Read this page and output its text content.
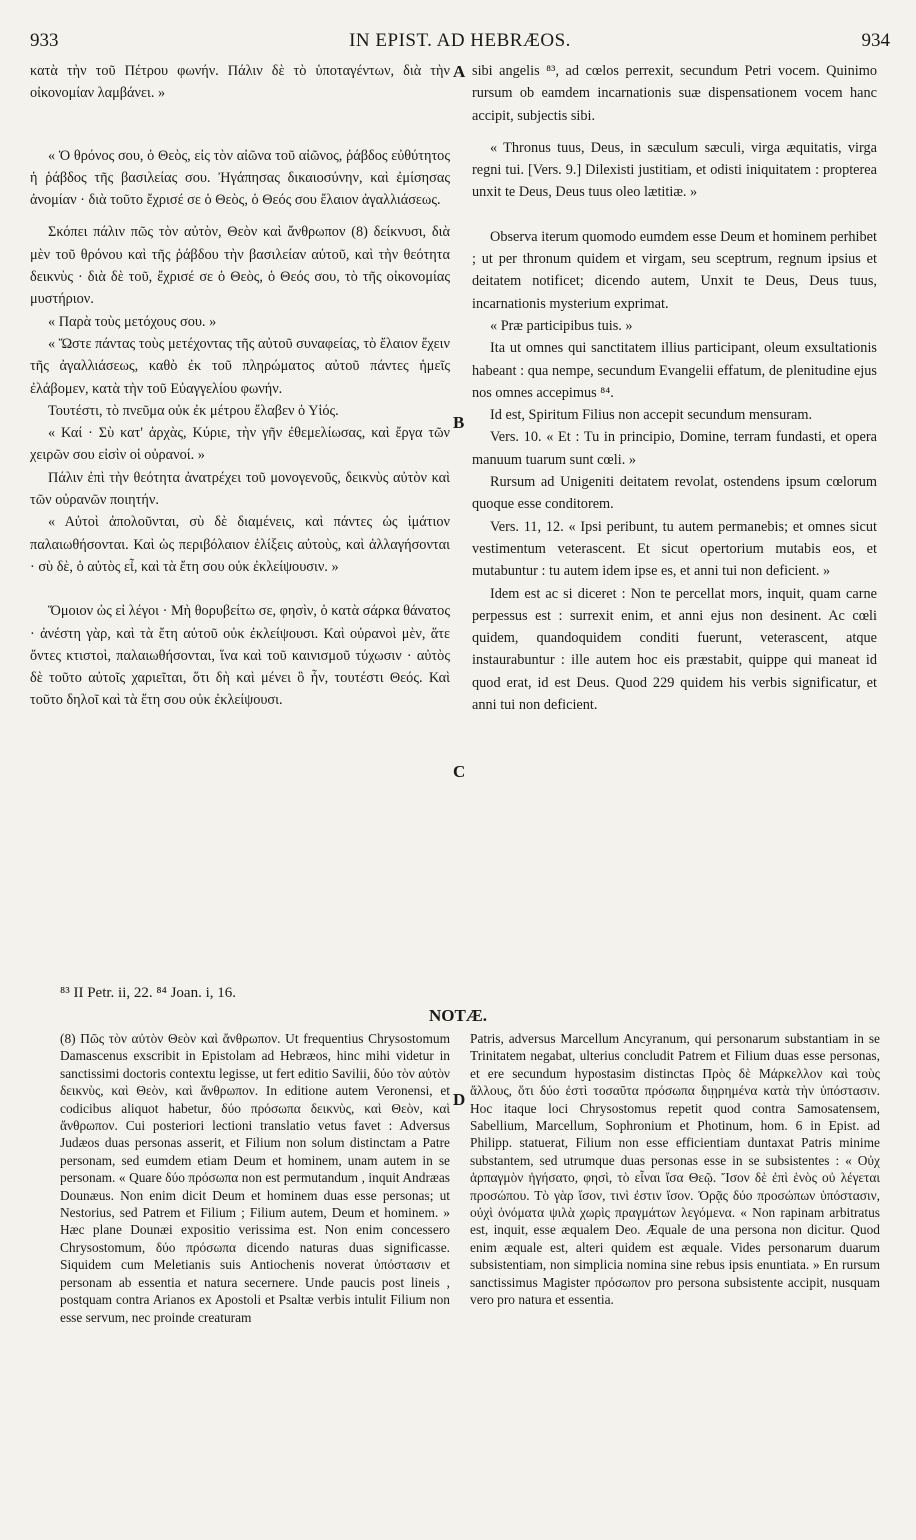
933	IN EPIST. AD HEBRÆOS.	934
A
B
C
D

κατὰ τὴν τοῦ Πέτρου φωνήν. Πάλιν δὲ τὸ ὑποταγέντων, διὰ τὴν οἰκονομίαν λαμβάνει. »

« Ὁ θρόνος σου, ὁ Θεὸς, εἰς τὸν αἰῶνα τοῦ αἰῶνος, ῥάβδος εὐθύτητος ἡ ῥάβδος τῆς βασιλείας σου. Ἠγάπησας δικαιοσύνην, καὶ ἐμίσησας ἀνομίαν · διὰ τοῦτο ἔχρισέ σε ὁ Θεὸς, ὁ Θεός σου ἔλαιον ἀγαλλιάσεως.

Σκόπει πάλιν πῶς τὸν αὐτὸν, Θεὸν καὶ ἄνθρωπον (8) δείκνυσι, διὰ μὲν τοῦ θρόνου καὶ τῆς ῥάβδου τὴν βασιλείαν αὐτοῦ, καὶ τὴν θεότητα δεικνὺς · διὰ δὲ τοῦ, ἔχρισέ σε ὁ Θεὸς, ὁ Θεός σου, τὸ τῆς οἰκονομίας μυστήριον.

« Παρὰ τοὺς μετόχους σου. »

« Ὥστε πάντας τοὺς μετέχοντας τῆς αὐτοῦ συναφείας, τὸ ἔλαιον ἔχειν τῆς ἀγαλλιάσεως, καθὸ ἐκ τοῦ πληρώματος αὐτοῦ πάντες ἡμεῖς ἐλάβομεν, κατὰ τὴν τοῦ Εὐαγγελίου φωνήν.

Τουτέστι, τὸ πνεῦμα οὐκ ἐκ μέτρου ἔλαβεν ὁ Υἱός.

« Καί · Σὺ κατ' ἀρχὰς, Κύριε, τὴν γῆν ἐθεμελίωσας, καὶ ἔργα τῶν χειρῶν σου εἰσὶν οἱ οὐρανοί. »

Πάλιν ἐπὶ τὴν θεότητα ἀνατρέχει τοῦ μονογενοῦς, δεικνὺς αὐτὸν καὶ τῶν οὐρανῶν ποιητήν.

« Αὐτοὶ ἀπολοῦνται, σὺ δὲ διαμένεις, καὶ πάντες ὡς ἱμάτιον παλαιωθήσονται. Καὶ ὡς περιβόλαιον ἑλίξεις αὐτοὺς, καὶ ἀλλαγήσονται · σὺ δὲ, ὁ αὐτὸς εἶ, καὶ τὰ ἔτη σου οὐκ ἐκλείψουσιν. »

Ὅμοιον ὡς εἰ λέγοι · Μὴ θορυβείτω σε, φησὶν, ὁ κατὰ σάρκα θάνατος · ἀνέστη γὰρ, καὶ τὰ ἔτη αὐτοῦ οὐκ ἐκλείψουσι. Καὶ οὐρανοὶ μὲν, ἅτε ὄντες κτιστοὶ, παλαιωθήσονται, ἵνα καὶ τοῦ καινισμοῦ τύχωσιν · αὐτὸς δὲ τοῦτο αὐτοῖς χαριεῖται, ὅτι δὴ καὶ μένει ὃ ἦν, τουτέστι Θεός. Καὶ τοῦτο δηλοῖ καὶ τὰ ἔτη σου οὐκ ἐκλείψουσι.

sibi angelis ⁸³, ad cœlos perrexit, secundum Petri vocem. Quinimo rursum ob eamdem incarnationis suæ dispensationem vocem hanc accipit, subjectis sibi.

« Thronus tuus, Deus, in sæculum sæculi, virga æquitatis, virga regni tui. [Vers. 9.] Dilexisti justitiam, et odisti iniquitatem : propterea unxit te Deus, Deus tuus oleo lætitiæ. »

Observa iterum quomodo eumdem esse Deum et hominem perhibet ; ut per thronum quidem et virgam, seu sceptrum, regnum ipsius et deitatem notificet; dicendo autem, Unxit te Deus, Deus tuus, incarnationis mysterium exprimat.

« Præ participibus tuis. »

Ita ut omnes qui sanctitatem illius participant, oleum exsultationis habeant : qua nempe, secundum Evangelii effatum, de plenitudine ejus nos omnes accepimus ⁸⁴.

Id est, Spiritum Filius non accepit secundum mensuram.

Vers. 10. « Et : Tu in principio, Domine, terram fundasti, et opera manuum tuarum sunt cœli. »

Rursum ad Unigeniti deitatem revolat, ostendens ipsum cœlorum quoque esse conditorem.

Vers. 11, 12. « Ipsi peribunt, tu autem permanebis; et omnes sicut vestimentum veterascent. Et sicut opertorium mutabis eos, et mutabuntur : tu autem idem ipse es, et anni tui non deficient. »

Idem est ac si diceret : Non te percellat mors, inquit, quam carne perpessus est : surrexit enim, et anni ejus non desinent. Ac cœli quidem, quandoquidem conditi fuerunt, veterascent, atque instaurabuntur : ille autem hoc eis præstabit, quippe qui maneat id quod erat, id est Deus. Quod 229 quidem his verbis significatur, et anni tui non deficient.

⁸³ II Petr. ii, 22. ⁸⁴ Joan. i, 16.
NOTÆ.

(8) Πῶς τὸν αὐτὸν Θεὸν καὶ ἄνθρωπον. Ut frequentius Chrysostomum Damascenus exscribit in Epistolam ad Hebræos, hinc mihi videtur in sanctissimi doctoris contextu legisse, ut fert editio Savilii, δύο τὸν αὐτὸν δεικνὺς, καὶ Θεὸν, καὶ ἄνθρωπον. In editione autem Veronensi, et codicibus aliquot habetur, δύο πρόσωπα δεικνὺς, καὶ Θεὸν, καὶ ἄνθρωπον. Cui posteriori lectioni translatio vetus favet : Adversus Judæos duas personas asserit, et Filium non solum distinctam a Patre personam, sed eumdem etiam Deum et hominem, unam autem in se personam. « Quare δύο πρόσωπα non est permutandum , inquit Andræas Dounæus. Non enim dicit Deum et hominem duas esse personas; ut Nestorius, sed Patrem et Filium ; Filium autem, Deum et hominem. » Hæc plane Dounæi expositio verissima est. Non enim concessero Chrysostomum, δύο πρόσωπα dicendo naturas duas significasse. Siquidem cum Meletianis suis Antiochenis noverat ὑπόστασιν et personam ab essentia et natura secernere. Unde paucis post lineis , postquam contra Arianos ex Apostoli et Psaltæ verbis intulit Filium non esse servum, nec proinde creaturam

Patris, adversus Marcellum Ancyranum, qui personarum substantiam in se Trinitatem negabat, ulterius concludit Patrem et Filium duas esse personas, et ere secundum hypostasim distinctas Πρὸς δὲ Μάρκελλον καὶ τοὺς ἄλλους, ὅτι δύο ἐστὶ τοσαῦτα πρόσωπα διῃρημένα κατὰ τὴν ὑπόστασιν. Hoc itaque loci Chrysostomus repetit quod contra Samosatensem, Sabellium, Marcellum, Sophronium et Photinum, hom. 6 in Epist. ad Philipp. statuerat, Filium non esse efficientiam duntaxat Patris minime substantem, sed utrumque duas personas esse in se subsistentes : « Οὐχ ἁρπαγμὸν ἡγήσατο, φησὶ, τὸ εἶναι ἴσα Θεῷ. Ἴσον δὲ ἐπὶ ἑνὸς οὐ λέγεται προσώπου. Τὸ γὰρ ἴσον, τινὶ ἐστιν ἴσον. Ὁρᾷς δύο προσώπων ὑπόστασιν, οὐχὶ ὀνόματα ψιλὰ χωρὶς πραγμάτων λεγόμενα. « Non rapinam arbitratus est, inquit, esse æqualem Deo. Æquale de una persona non dicitur. Quod enim æquale est, alteri quidem est æquale. Vides personarum duarum subsistentiam, non simplicia nomina sine rebus ipsis enuntiata. » En rursum sanctissimus Magister πρόσωπον pro persona subsistente accipit, nusquam vero pro natura et essentia.
